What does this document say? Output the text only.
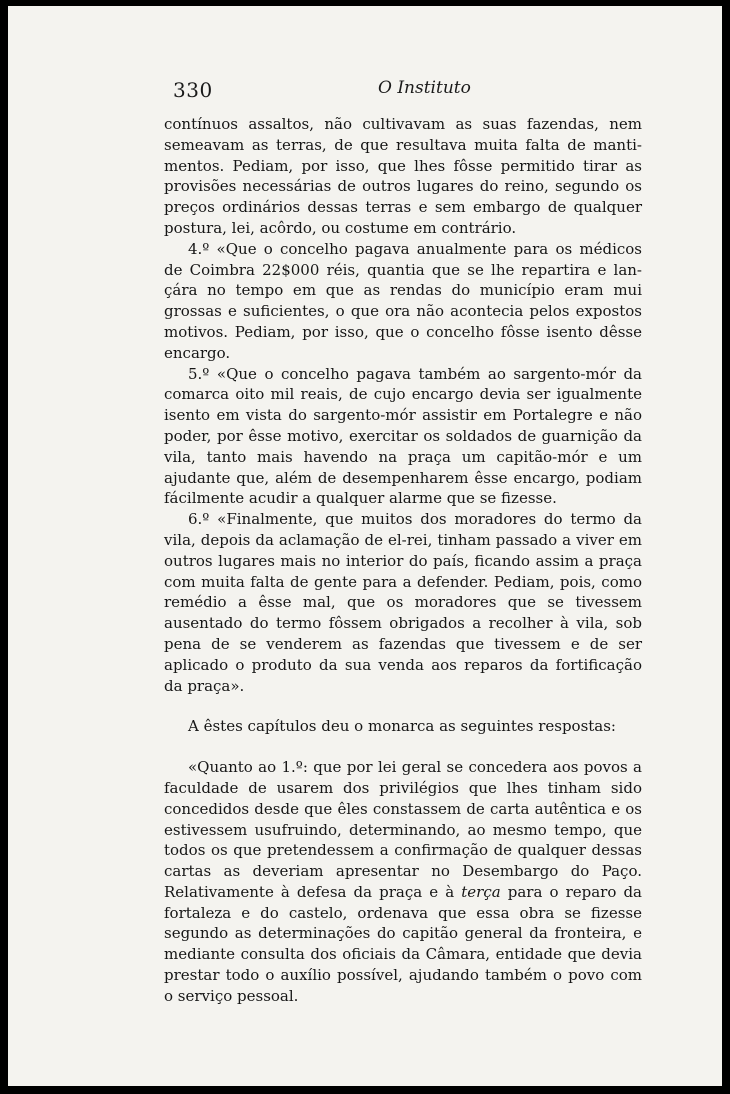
330	O Instituto

contínuos assaltos, não cultivavam as suas fazendas, nem semeavam as terras, de que resultava muita falta de mantimentos. Pediam, por isso, que lhes fôsse permitido tirar as provisões necessárias de outros lugares do reino, segundo os preços ordinários dessas terras e sem embargo de qualquer postura, lei, acôrdo, ou costume em contrário.

4.º «Que o concelho pagava anualmente para os médicos de Coimbra 22$000 réis, quantia que se lhe repartira e lançára no tempo em que as rendas do município eram mui grossas e suficientes, o que ora não acontecia pelos expostos motivos. Pediam, por isso, que o concelho fôsse isento dêsse encargo.

5.º «Que o concelho pagava também ao sargento-mór da comarca oito mil reais, de cujo encargo devia ser igualmente isento em vista do sargento-mór assistir em Portalegre e não poder, por êsse motivo, exercitar os soldados de guarnição da vila, tanto mais havendo na praça um capitão-mór e um ajudante que, além de desempenharem êsse encargo, podiam fácilmente acudir a qualquer alarme que se fizesse.

6.º «Finalmente, que muitos dos moradores do termo da vila, depois da aclamação de el-rei, tinham passado a viver em outros lugares mais no interior do país, ficando assim a praça com muita falta de gente para a defender. Pediam, pois, como remédio a êsse mal, que os moradores que se tivessem ausentado do termo fôssem obrigados a recolher à vila, sob pena de se venderem as fazendas que tivessem e de ser aplicado o produto da sua venda aos reparos da fortificação da praça».

A êstes capítulos deu o monarca as seguintes respostas:

«Quanto ao 1.º: que por lei geral se concedera aos povos a faculdade de usarem dos privilégios que lhes tinham sido concedidos desde que êles constassem de carta autêntica e os estivessem usufruindo, determinando, ao mesmo tempo, que todos os que pretendessem a confirmação de qualquer dessas cartas as deveriam apresentar no Desembargo do Paço. Relativamente à defesa da praça e à terça para o reparo da fortaleza e do castelo, ordenava que essa obra se fizesse segundo as determinações do capitão general da fronteira, e mediante consulta dos oficiais da Câmara, entidade que devia prestar todo o auxílio possível, ajudando também o povo com o serviço pessoal.
